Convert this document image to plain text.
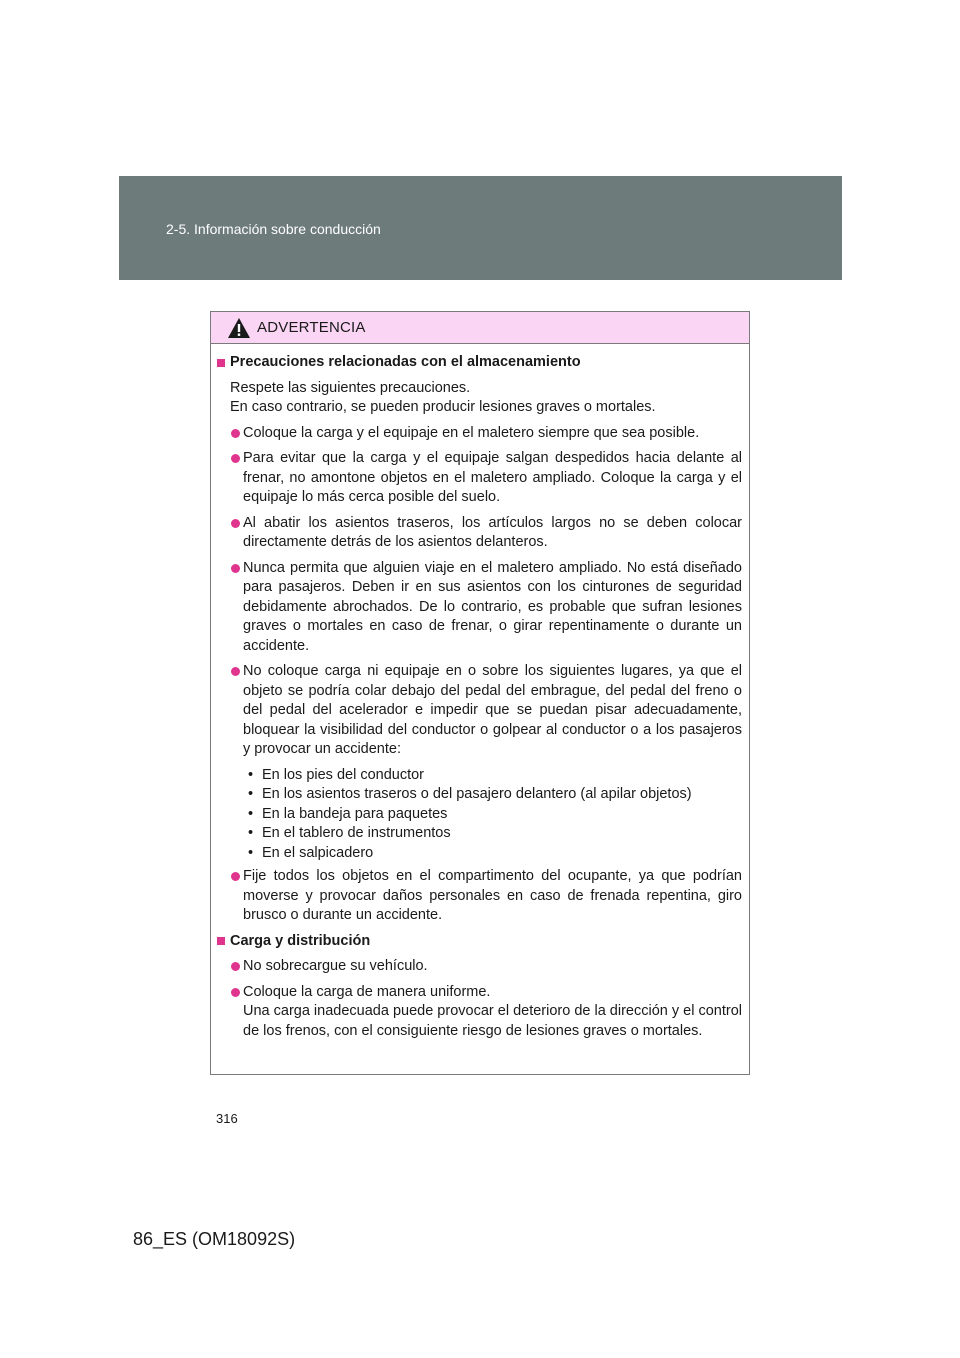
2-5. Información sobre conducción
ADVERTENCIA
Precauciones relacionadas con el almacenamiento
Respete las siguientes precauciones.
En caso contrario, se pueden producir lesiones graves o mortales.
Coloque la carga y el equipaje en el maletero siempre que sea posible.
Para evitar que la carga y el equipaje salgan despedidos hacia delante al frenar, no amontone objetos en el maletero ampliado. Coloque la carga y el equipaje lo más cerca posible del suelo.
Al abatir los asientos traseros, los artículos largos no se deben colocar directamente detrás de los asientos delanteros.
Nunca permita que alguien viaje en el maletero ampliado. No está diseñado para pasajeros. Deben ir en sus asientos con los cinturones de seguridad debidamente abrochados. De lo contrario, es probable que sufran lesiones graves o mortales en caso de frenar, o girar repentinamente o durante un accidente.
No coloque carga ni equipaje en o sobre los siguientes lugares, ya que el objeto se podría colar debajo del pedal del embrague, del pedal del freno o del pedal del acelerador e impedir que se puedan pisar adecuadamente, bloquear la visibilidad del conductor o golpear al conductor o a los pasajeros y provocar un accidente:
• En los pies del conductor
• En los asientos traseros o del pasajero delantero (al apilar objetos)
• En la bandeja para paquetes
• En el tablero de instrumentos
• En el salpicadero
Fije todos los objetos en el compartimento del ocupante, ya que podrían moverse y provocar daños personales en caso de frenada repentina, giro brusco o durante un accidente.
Carga y distribución
No sobrecargue su vehículo.
Coloque la carga de manera uniforme.
Una carga inadecuada puede provocar el deterioro de la dirección y el control de los frenos, con el consiguiente riesgo de lesiones graves o mortales.
316
86_ES (OM18092S)
